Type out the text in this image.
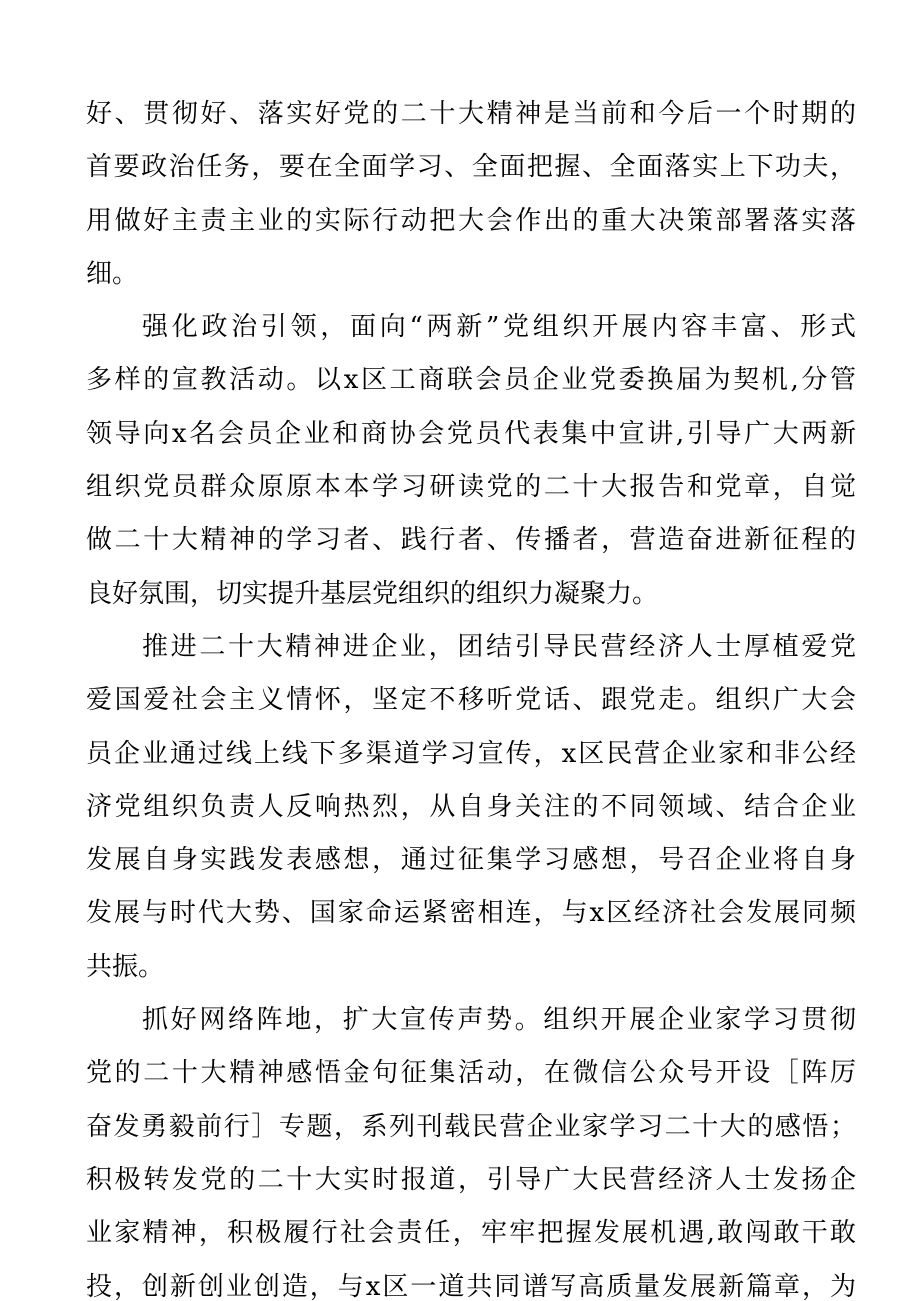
好、贯彻好、落实好党的二十大精神是当前和今后一个时期的
首要政治任务，要在全面学习、全面把握、全面落实上下功夫，
用做好主责主业的实际行动把大会作出的重大决策部署落实落
细。
强化政治引领，面向“两新”党组织开展内容丰富、形式
多样的宣教活动。以x区工商联会员企业党委换届为契机,分管
领导向x名会员企业和商协会党员代表集中宣讲,引导广大两新
组织党员群众原原本本学习研读党的二十大报告和党章，自觉
做二十大精神的学习者、践行者、传播者，营造奋进新征程的
良好氛围，切实提升基层党组织的组织力凝聚力。
推进二十大精神进企业，团结引导民营经济人士厚植爱党
爱国爱社会主义情怀，坚定不移听党话、跟党走。组织广大会
员企业通过线上线下多渠道学习宣传，x区民营企业家和非公经
济党组织负责人反响热烈，从自身关注的不同领域、结合企业
发展自身实践发表感想，通过征集学习感想，号召企业将自身
发展与时代大势、国家命运紧密相连，与x区经济社会发展同频
共振。
抓好网络阵地，扩大宣传声势。组织开展企业家学习贯彻
党的二十大精神感悟金句征集活动，在微信公众号开设［阵厉
奋发勇毅前行］专题，系列刊载民营企业家学习二十大的感悟；
积极转发党的二十大实时报道，引导广大民营经济人士发扬企
业家精神，积极履行社会责任，牢牢把握发展机遇,敢闯敢干敢
投，创新创业创造，与x区一道共同谱写高质量发展新篇章，为
